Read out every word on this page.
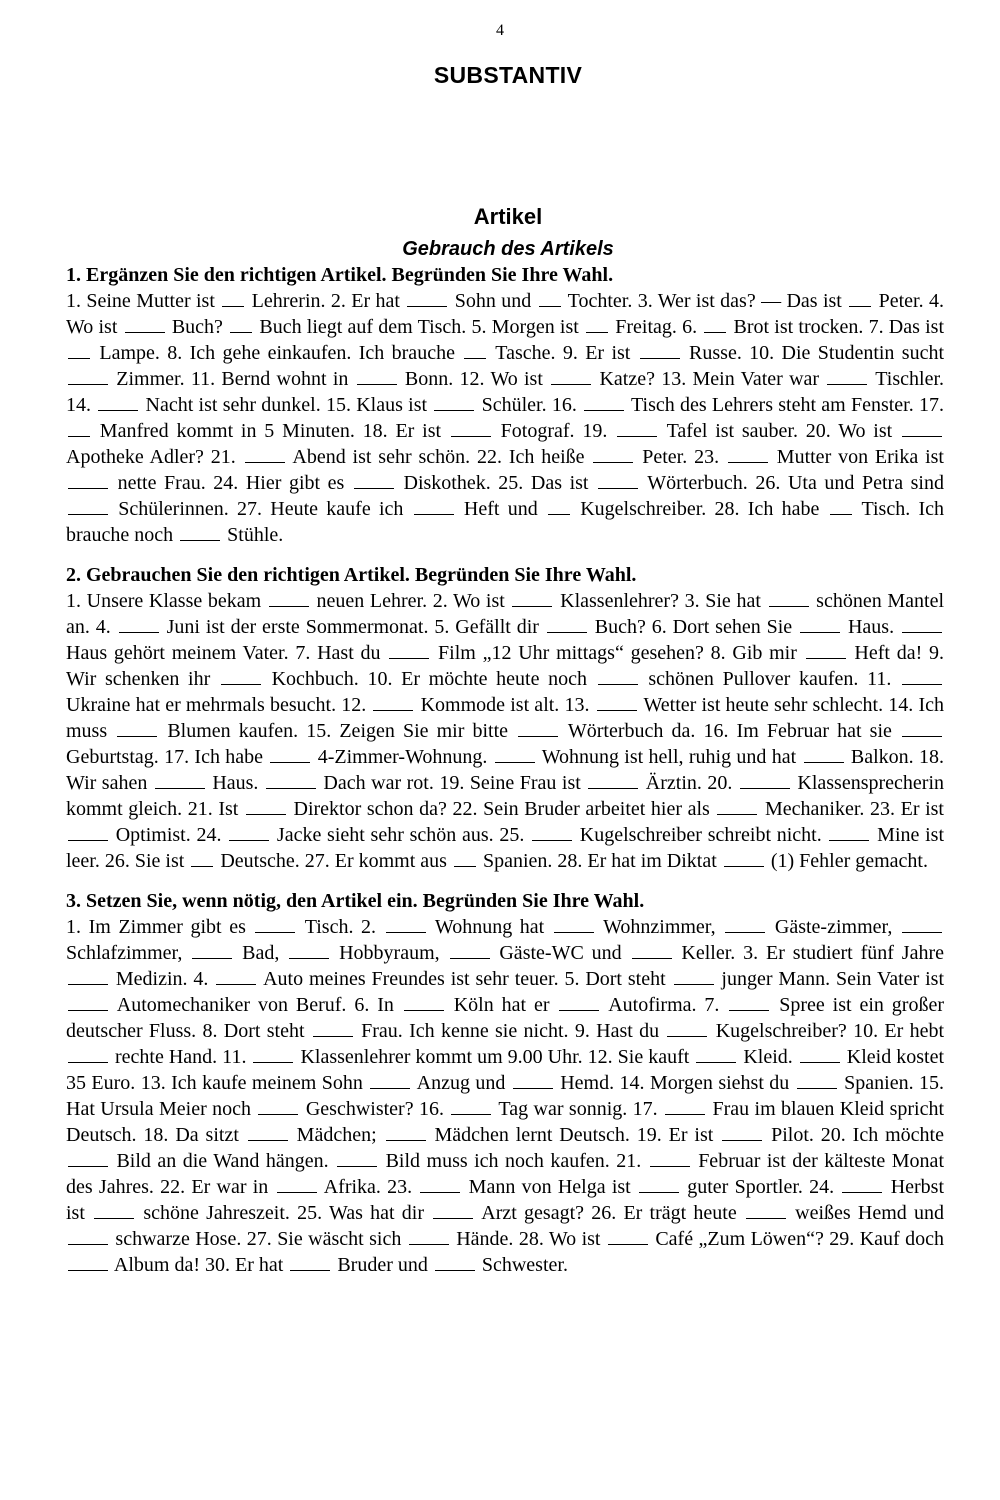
4
SUBSTANTIV
Artikel
Gebrauch des Artikels
1. Ergänzen Sie den richtigen Artikel. Begründen Sie Ihre Wahl.
1. Seine Mutter ist  Lehrerin. 2. Er hat  Sohn und  Tochter. 3. Wer ist das? — Das ist  Peter. 4. Wo ist  Buch?  Buch liegt auf dem Tisch. 5. Morgen ist  Freitag. 6.  Brot ist trocken. 7. Das ist  Lampe. 8. Ich gehe einkaufen. Ich brauche  Tasche. 9. Er ist  Russe. 10. Die Studentin sucht  Zimmer. 11. Bernd wohnt in  Bonn. 12. Wo ist  Katze? 13. Mein Vater war  Tischler. 14.  Nacht ist sehr dunkel. 15. Klaus ist  Schüler. 16.  Tisch des Lehrers steht am Fenster. 17.  Manfred kommt in 5 Minuten. 18. Er ist  Fotograf. 19.  Tafel ist sauber. 20. Wo ist  Apotheke Adler? 21.  Abend ist sehr schön. 22. Ich heiße  Peter. 23.  Mutter von Erika ist  nette Frau. 24. Hier gibt es  Diskothek. 25. Das ist  Wörterbuch. 26. Uta und Petra sind  Schülerinnen. 27. Heute kaufe ich  Heft und  Kugelschreiber. 28. Ich habe  Tisch. Ich brauche noch  Stühle.
2. Gebrauchen Sie den richtigen Artikel. Begründen Sie Ihre Wahl.
1. Unsere Klasse bekam  neuen Lehrer. 2. Wo ist  Klassenlehrer? 3. Sie hat  schönen Mantel an. 4.  Juni ist der erste Sommermonat. 5. Gefällt dir  Buch? 6. Dort sehen Sie  Haus.  Haus gehört meinem Vater. 7. Hast du  Film „12 Uhr mittags“ gesehen? 8. Gib mir  Heft da! 9. Wir schenken ihr  Kochbuch. 10. Er möchte heute noch  schönen Pullover kaufen. 11.  Ukraine hat er mehrmals besucht. 12.  Kommode ist alt. 13.  Wetter ist heute sehr schlecht. 14. Ich muss  Blumen kaufen. 15. Zeigen Sie mir bitte  Wörterbuch da. 16. Im Februar hat sie  Geburtstag. 17. Ich habe  4-Zimmer-Wohnung.  Wohnung ist hell, ruhig und hat  Balkon. 18. Wir sahen	Haus.	Dach war rot. 19. Seine Frau ist	Ärztin. 20.	Klassensprecherin kommt gleich. 21. Ist  Direktor schon da? 22. Sein Bruder arbeitet hier als  Mechaniker. 23. Er ist  Optimist. 24.  Jacke sieht sehr schön aus. 25.  Kugelschreiber schreibt nicht.  Mine ist leer. 26. Sie ist  Deutsche. 27. Er kommt aus  Spanien. 28. Er hat im Diktat  (1) Fehler gemacht.
3. Setzen Sie, wenn nötig, den Artikel ein. Begründen Sie Ihre Wahl.
1. Im Zimmer gibt es  Tisch. 2.  Wohnung hat  Wohnzimmer,  Gäste-zimmer,  Schlafzimmer,  Bad,  Hobbyraum,  Gäste-WC und  Keller. 3. Er studiert fünf Jahre  Medizin. 4.  Auto meines Freundes ist sehr teuer. 5. Dort steht  junger Mann. Sein Vater ist  Automechaniker von Beruf. 6. In  Köln hat er  Autofirma. 7.  Spree ist ein großer deutscher Fluss. 8. Dort steht  Frau. Ich kenne sie nicht. 9. Hast du  Kugelschreiber? 10. Er hebt  rechte Hand. 11.  Klassenlehrer kommt um 9.00 Uhr. 12. Sie kauft  Kleid.  Kleid kostet 35 Euro. 13. Ich kaufe meinem Sohn  Anzug und  Hemd. 14. Morgen siehst du  Spanien. 15. Hat Ursula Meier noch  Geschwister? 16.  Tag war sonnig. 17.  Frau im blauen Kleid spricht Deutsch. 18. Da sitzt  Mädchen;  Mädchen lernt Deutsch. 19. Er ist  Pilot. 20. Ich möchte  Bild an die Wand hängen.  Bild muss ich noch kaufen. 21.  Februar ist der kälteste Monat des Jahres. 22. Er war in  Afrika. 23.  Mann von Helga ist  guter Sportler. 24.  Herbst ist  schöne Jahreszeit. 25. Was hat dir  Arzt gesagt? 26. Er trägt heute  weißes Hemd und  schwarze Hose. 27. Sie wäscht sich  Hände. 28. Wo ist  Café „Zum Löwen“? 29. Kauf doch  Album da! 30. Er hat  Bruder und  Schwester.
